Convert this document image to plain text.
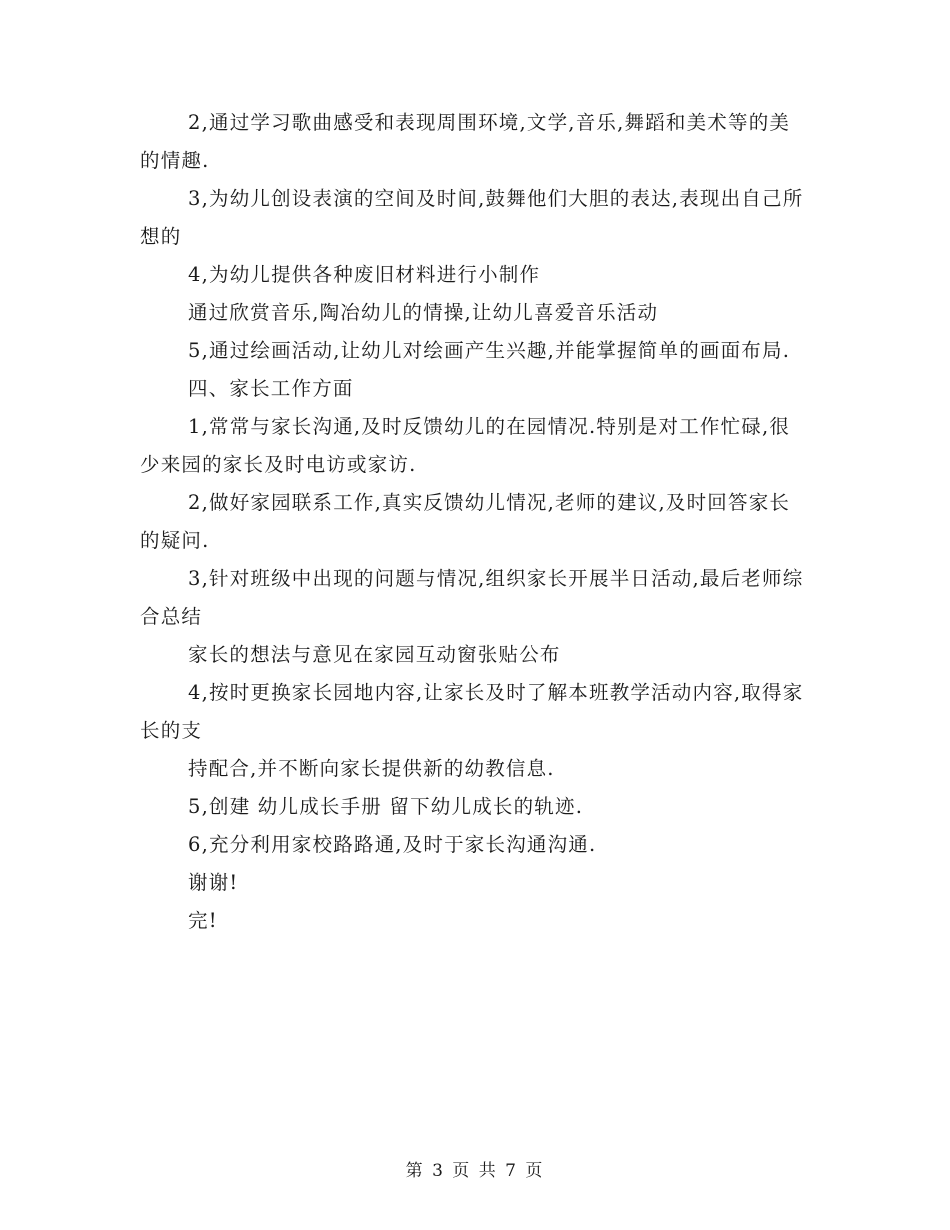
2,通过学习歌曲感受和表现周围环境,文学,音乐,舞蹈和美术等的美的情趣.

3,为幼儿创设表演的空间及时间,鼓舞他们大胆的表达,表现出自己所想的

4,为幼儿提供各种废旧材料进行小制作

通过欣赏音乐,陶冶幼儿的情操,让幼儿喜爱音乐活动

5,通过绘画活动,让幼儿对绘画产生兴趣,并能掌握简单的画面布局.

四、家长工作方面

1,常常与家长沟通,及时反馈幼儿的在园情况.特别是对工作忙碌,很少来园的家长及时电访或家访.

2,做好家园联系工作,真实反馈幼儿情况,老师的建议,及时回答家长的疑问.

3,针对班级中出现的问题与情况,组织家长开展半日活动,最后老师综合总结

家长的想法与意见在家园互动窗张贴公布

4,按时更换家长园地内容,让家长及时了解本班教学活动内容,取得家长的支

持配合,并不断向家长提供新的幼教信息.

5,创建 幼儿成长手册 留下幼儿成长的轨迹.

6,充分利用家校路路通,及时于家长沟通沟通.

谢谢!

完!

第 3 页 共 7 页
